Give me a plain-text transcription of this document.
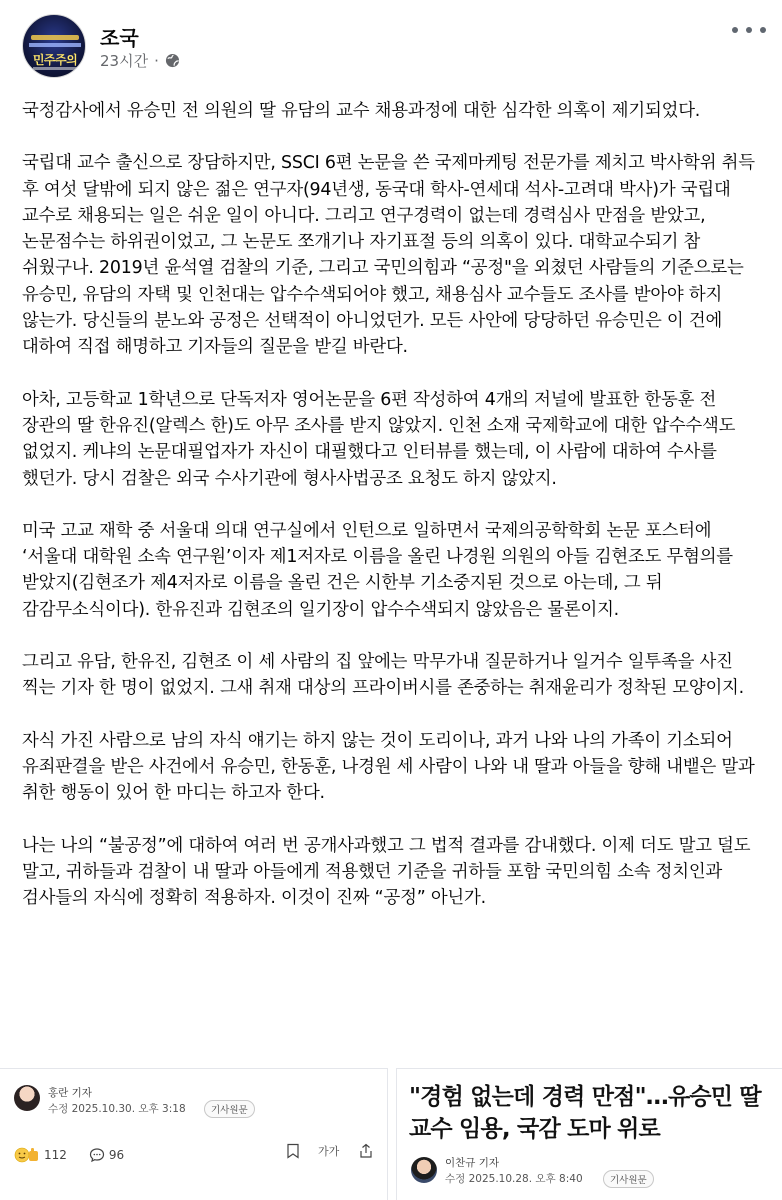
민주주의
조국
23시간 ·

국정감사에서 유승민 전 의원의 딸 유담의 교수 채용과정에 대한 심각한 의혹이 제기되었다.

국립대 교수 출신으로 장담하지만, SSCI 6편 논문을 쓴 국제마케팅 전문가를 제치고 박사학위 취득 후 여섯 달밖에 되지 않은 젊은 연구자(94년생, 동국대 학사-연세대 석사-고려대 박사)가 국립대 교수로 채용되는 일은 쉬운 일이 아니다. 그리고 연구경력이 없는데 경력심사 만점을 받았고, 논문점수는 하위권이었고, 그 논문도 쪼개기나 자기표절 등의 의혹이 있다. 대학교수되기 참 쉬웠구나. 2019년 윤석열 검찰의 기준, 그리고 국민의힘과 “공정"을 외쳤던 사람들의 기준으로는 유승민, 유담의 자택 및 인천대는 압수수색되어야 했고, 채용심사 교수들도 조사를 받아야 하지 않는가. 당신들의 분노와 공정은 선택적이 아니었던가. 모든 사안에 당당하던 유승민은 이 건에 대하여 직접 해명하고 기자들의 질문을 받길 바란다.

아차, 고등학교 1학년으로 단독저자 영어논문을 6편 작성하여 4개의 저널에 발표한 한동훈 전 장관의 딸 한유진(알렉스 한)도 아무 조사를 받지 않았지. 인천 소재 국제학교에 대한 압수수색도 없었지. 케냐의 논문대필업자가 자신이 대필했다고 인터뷰를 했는데, 이 사람에 대하여 수사를 했던가. 당시 검찰은 외국 수사기관에 형사사법공조 요청도 하지 않았지.

미국 고교 재학 중 서울대 의대 연구실에서 인턴으로 일하면서 국제의공학학회 논문 포스터에 ‘서울대 대학원 소속 연구원’이자 제1저자로 이름을 올린 나경원 의원의 아들 김현조도 무혐의를 받았지(김현조가 제4저자로 이름을 올린 건은 시한부 기소중지된 것으로 아는데, 그 뒤 감감무소식이다). 한유진과 김현조의 일기장이 압수수색되지 않았음은 물론이지.

그리고 유담, 한유진, 김현조 이 세 사람의 집 앞에는 막무가내 질문하거나 일거수 일투족을 사진 찍는 기자 한 명이 없었지. 그새 취재 대상의 프라이버시를 존중하는 취재윤리가 정착된 모양이지.

자식 가진 사람으로 남의 자식 얘기는 하지 않는 것이 도리이나, 과거 나와 나의 가족이 기소되어 유죄판결을 받은 사건에서 유승민, 한동훈, 나경원 세 사람이 나와 내 딸과 아들을 향해 내뱉은 말과 취한 행동이 있어 한 마디는 하고자 한다.

나는 나의 “불공정”에 대하여 여러 번 공개사과했고 그 법적 결과를 감내했다. 이제 더도 말고 덜도 말고, 귀하들과 검찰이 내 딸과 아들에게 적용했던 기준을 귀하들 포함 국민의힘 소속 정치인과 검사들의 자식에 정확히 적용하자. 이것이 진짜 “공정” 아닌가.

홍란 기자
수정 2025.10.30. 오후 3:18	기사원문
112	96	가가
"경험 없는데 경력 만점"…유승민 딸 교수 임용, 국감 도마 위로
이찬규 기자
수정 2025.10.28. 오후 8:40	기사원문
